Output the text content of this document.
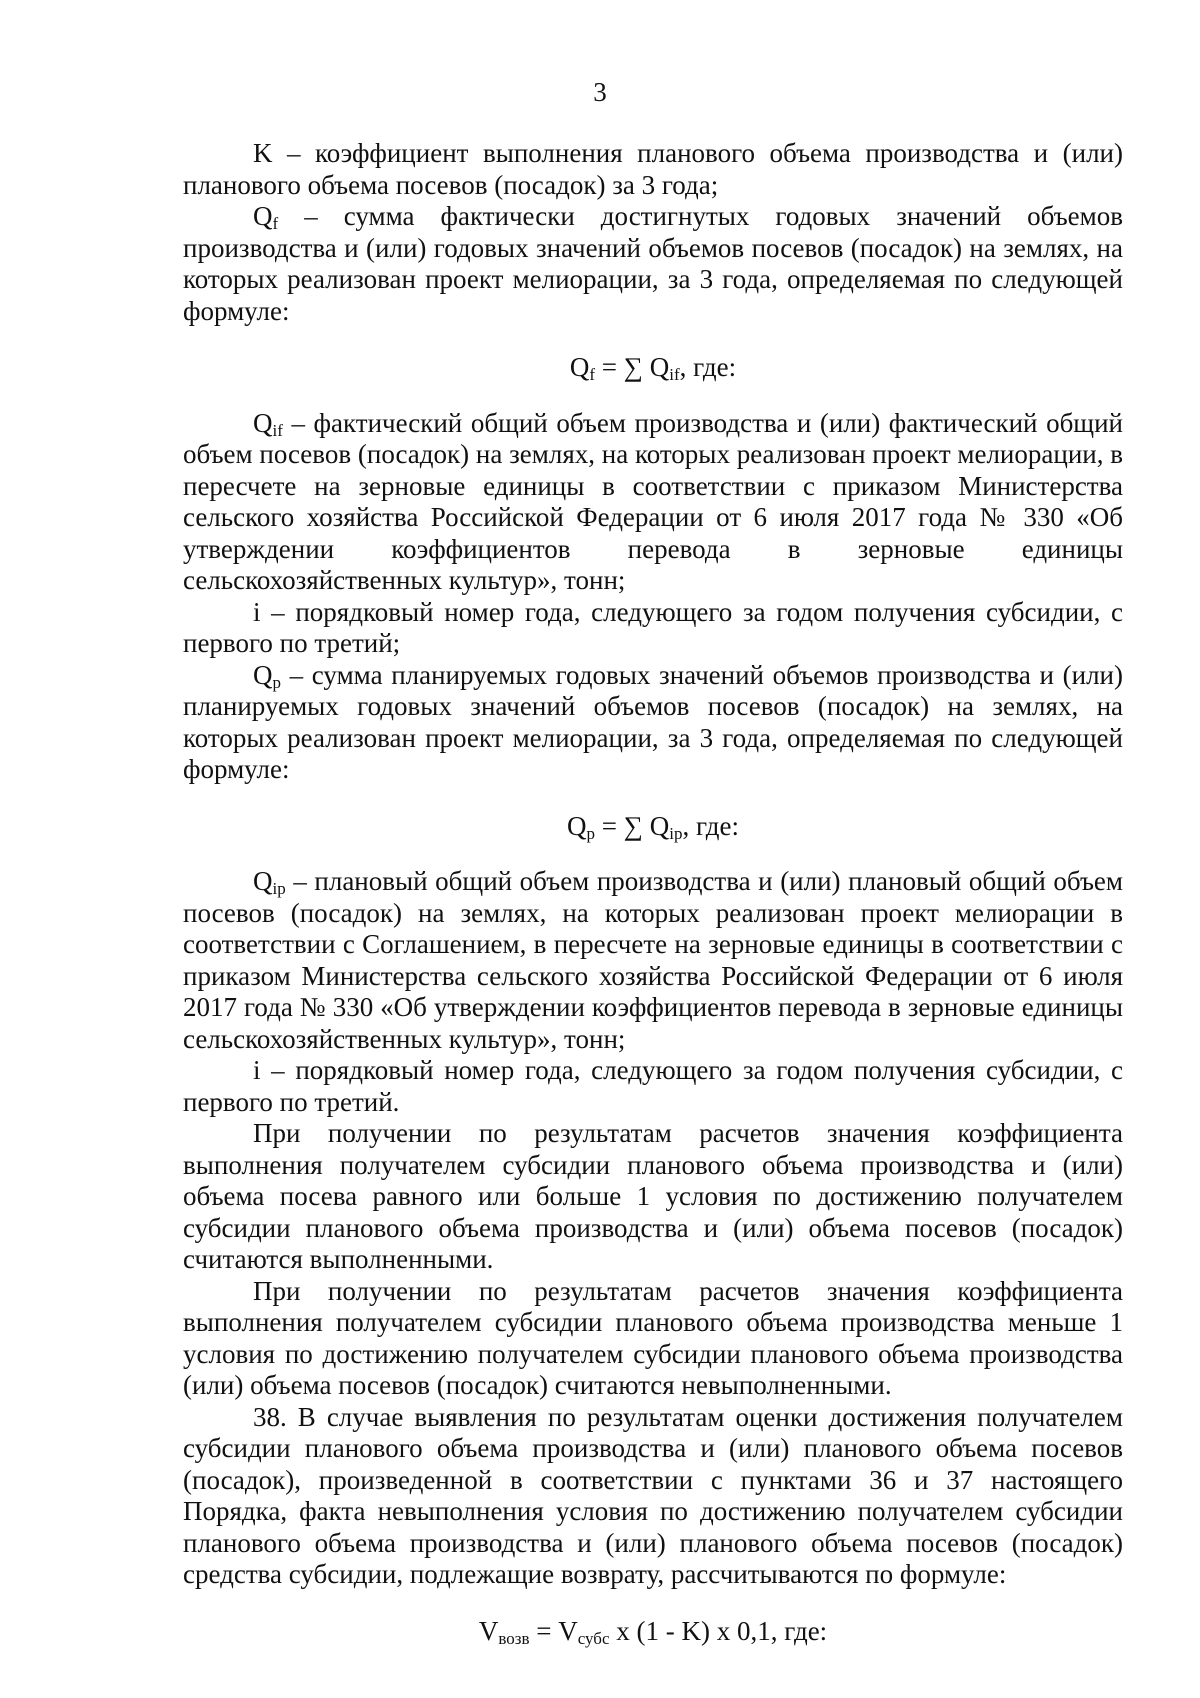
3

K – коэффициент выполнения планового объема производства и (или) планового объема посевов (посадок) за 3 года;

$Q_f$ – сумма фактически достигнутых годовых значений объемов производства и (или) годовых значений объемов посевов (посадок) на землях, на которых реализован проект мелиорации, за 3 года, определяемая по следующей формуле:

$Q_f$ = ∑ $Q_{if}$, где:

$Q_{if}$ – фактический общий объем производства и (или) фактический общий объем посевов (посадок) на землях, на которых реализован проект мелиорации, в пересчете на зерновые единицы в соответствии с приказом Министерства сельского хозяйства Российской Федерации от 6 июля 2017 года № 330 «Об утверждении коэффициентов перевода в зерновые единицы сельскохозяйственных культур», тонн;

i – порядковый номер года, следующего за годом получения субсидии, с первого по третий;

$Q_p$ – сумма планируемых годовых значений объемов производства и (или) планируемых годовых значений объемов посевов (посадок) на землях, на которых реализован проект мелиорации, за 3 года, определяемая по следующей формуле:

$Q_p$ = ∑ $Q_{ip}$, где:

$Q_{ip}$ – плановый общий объем производства и (или) плановый общий объем посевов (посадок) на землях, на которых реализован проект мелиорации в соответствии с Соглашением, в пересчете на зерновые единицы в соответствии с приказом Министерства сельского хозяйства Российской Федерации от 6 июля 2017 года № 330 «Об утверждении коэффициентов перевода в зерновые единицы сельскохозяйственных культур», тонн;

i – порядковый номер года, следующего за годом получения субсидии, с первого по третий.

При получении по результатам расчетов значения коэффициента выполнения получателем субсидии планового объема производства и (или) объема посева равного или больше 1 условия по достижению получателем субсидии планового объема производства и (или) объема посевов (посадок) считаются выполненными.

При получении по результатам расчетов значения коэффициента выполнения получателем субсидии планового объема производства меньше 1 условия по достижению получателем субсидии планового объема производства (или) объема посевов (посадок) считаются невыполненными.

38. В случае выявления по результатам оценки достижения получателем субсидии планового объема производства и (или) планового объема посевов (посадок), произведенной в соответствии с пунктами 36 и 37 настоящего Порядка, факта невыполнения условия по достижению получателем субсидии планового объема производства и (или) планового объема посевов (посадок) средства субсидии, подлежащие возврату, рассчитываются по формуле:

$V_{возв} = V_{субс}$ x (1 - K) x 0,1, где:
